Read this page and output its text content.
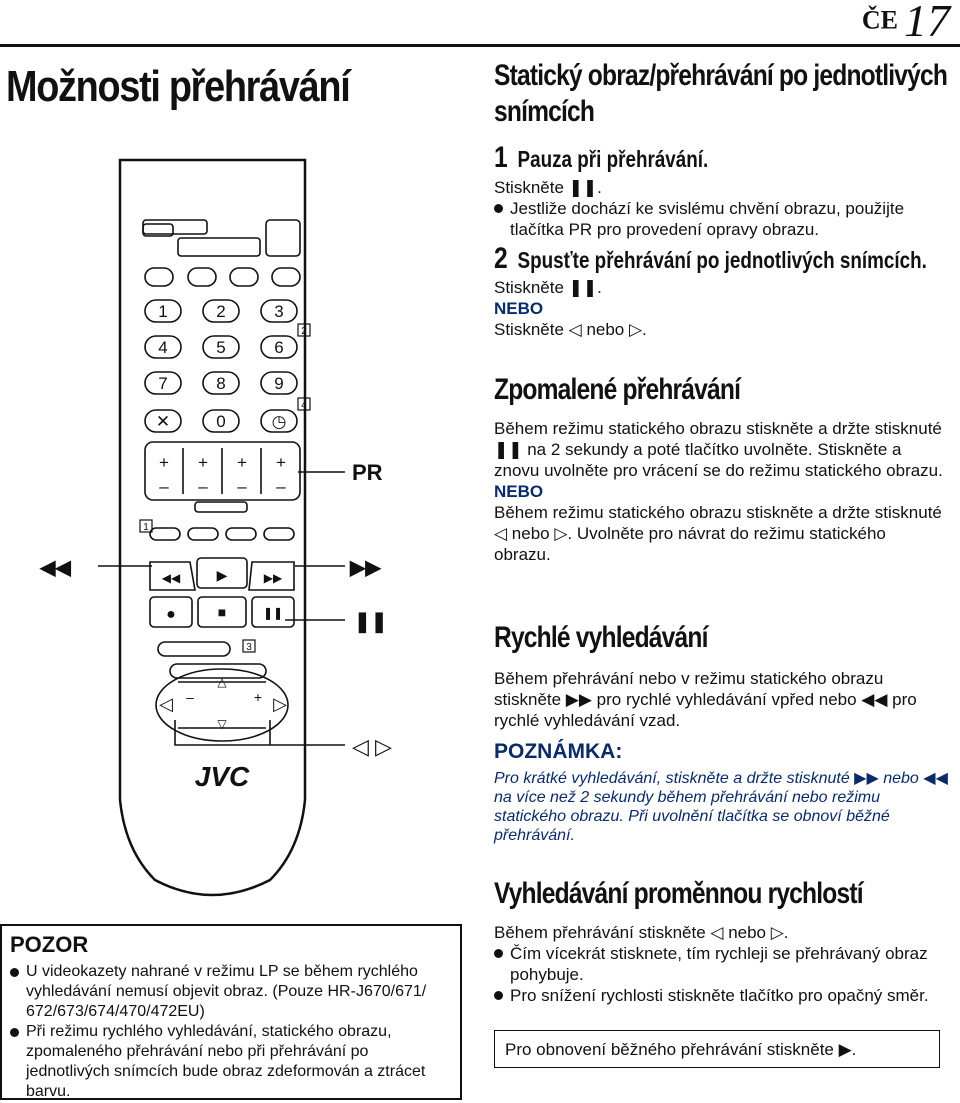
ČE 17
Možnosti přehrávání
1	2	3
4	5	6
7	8	9
0
✕	◷
+ + + +
– – – –
◀◀	▶	▶▶
●	■	❚❚
△
▽
◁	▷
–	+
JVC
2
4
1
3
◀◀	▶▶
PR
❚❚
◁ ▷
Statický obraz/přehrávání po jednotlivých snímcích
1 Pauza při přehrávání.
Stiskněte ❚❚.
Jestliže dochází ke svislému chvění obrazu, použijte tlačítka PR pro provedení opravy obrazu.
2 Spusťte přehrávání po jednotlivých snímcích.
Stiskněte ❚❚.
NEBO
Stiskněte ◁ nebo ▷.
Zpomalené přehrávání
Během režimu statického obrazu stiskněte a držte stisknuté ❚❚ na 2 sekundy a poté tlačítko uvolněte. Stiskněte a znovu uvolněte pro vrácení se do režimu statického obrazu.
NEBO
Během režimu statického obrazu stiskněte a držte stisknuté ◁ nebo ▷. Uvolněte pro návrat do režimu statického obrazu.
Rychlé vyhledávání
Během přehrávání nebo v režimu statického obrazu stiskněte ▶▶ pro rychlé vyhledávání vpřed nebo ◀◀ pro rychlé vyhledávání vzad.
POZNÁMKA:
Pro krátké vyhledávání, stiskněte a držte stisknuté ▶▶ nebo ◀◀ na více než 2 sekundy během přehrávání nebo režimu statického obrazu. Při uvolnění tlačítka se obnoví běžné přehrávání.
Vyhledávání proměnnou rychlostí
Během přehrávání stiskněte ◁ nebo ▷.
Čím vícekrát stisknete, tím rychleji se přehrávaný obraz pohybuje.
Pro snížení rychlosti stiskněte tlačítko pro opačný směr.
Pro obnovení běžného přehrávání stiskněte ▶.
POZOR
U videokazety nahrané v režimu LP se během rychlého vyhledávání nemusí objevit obraz. (Pouze HR-J670/671/ 672/673/674/470/472EU)
Při režimu rychlého vyhledávání, statického obrazu, zpomaleného přehrávání nebo při přehrávání po jednotlivých snímcích bude obraz zdeformován a ztrácet barvu.
